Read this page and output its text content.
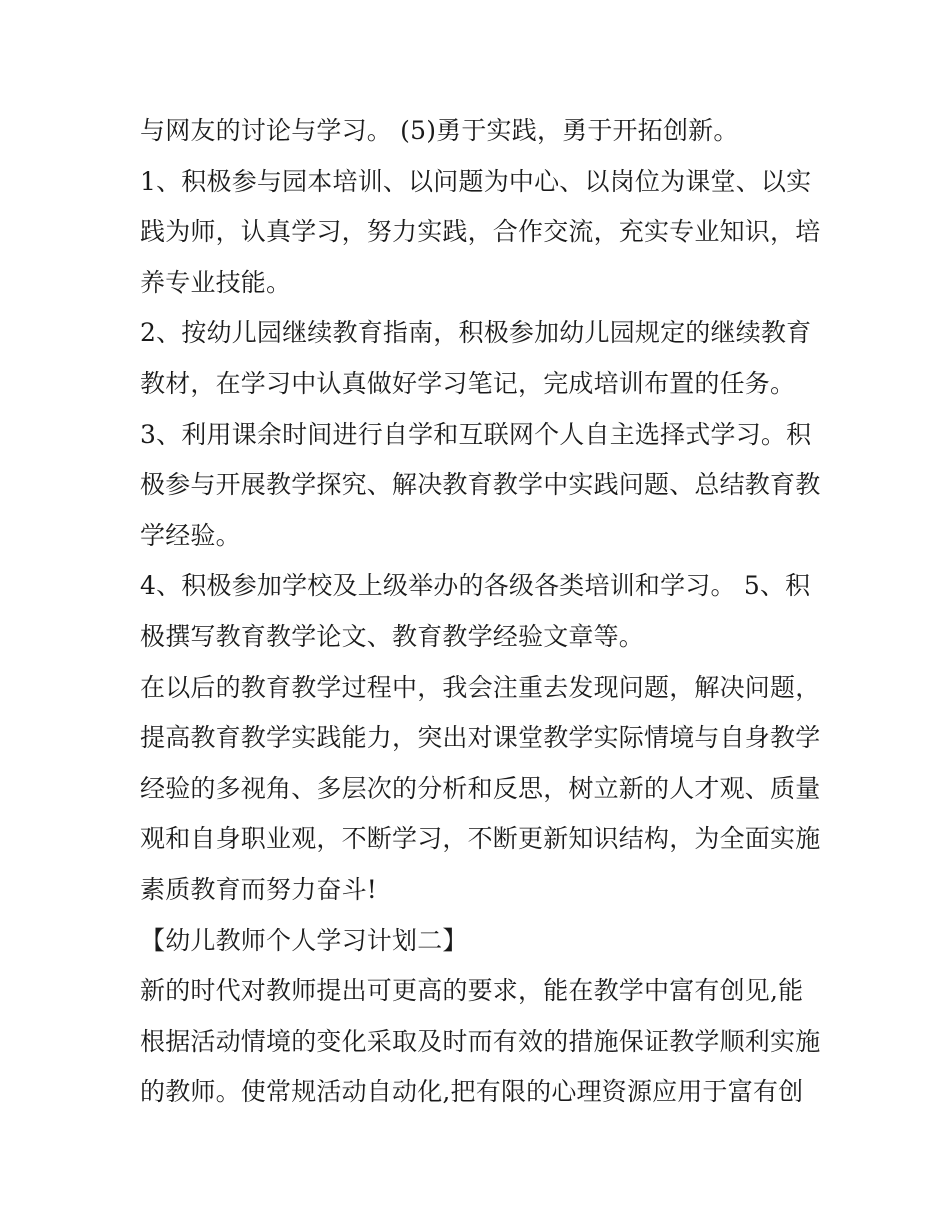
与网友的讨论与学习。 (5)勇于实践，勇于开拓创新。
1、积极参与园本培训、以问题为中心、以岗位为课堂、以实
践为师，认真学习，努力实践，合作交流，充实专业知识，培
养专业技能。
2、按幼儿园继续教育指南，积极参加幼儿园规定的继续教育
教材，在学习中认真做好学习笔记，完成培训布置的任务。
3、利用课余时间进行自学和互联网个人自主选择式学习。积
极参与开展教学探究、解决教育教学中实践问题、总结教育教
学经验。
4、积极参加学校及上级举办的各级各类培训和学习。 5、积
极撰写教育教学论文、教育教学经验文章等。
在以后的教育教学过程中，我会注重去发现问题，解决问题，
提高教育教学实践能力，突出对课堂教学实际情境与自身教学
经验的多视角、多层次的分析和反思，树立新的人才观、质量
观和自身职业观，不断学习，不断更新知识结构，为全面实施
素质教育而努力奋斗!
【幼儿教师个人学习计划二】
新的时代对教师提出可更高的要求，能在教学中富有创见,能
根据活动情境的变化采取及时而有效的措施保证教学顺利实施
的教师。使常规活动自动化,把有限的心理资源应用于富有创
